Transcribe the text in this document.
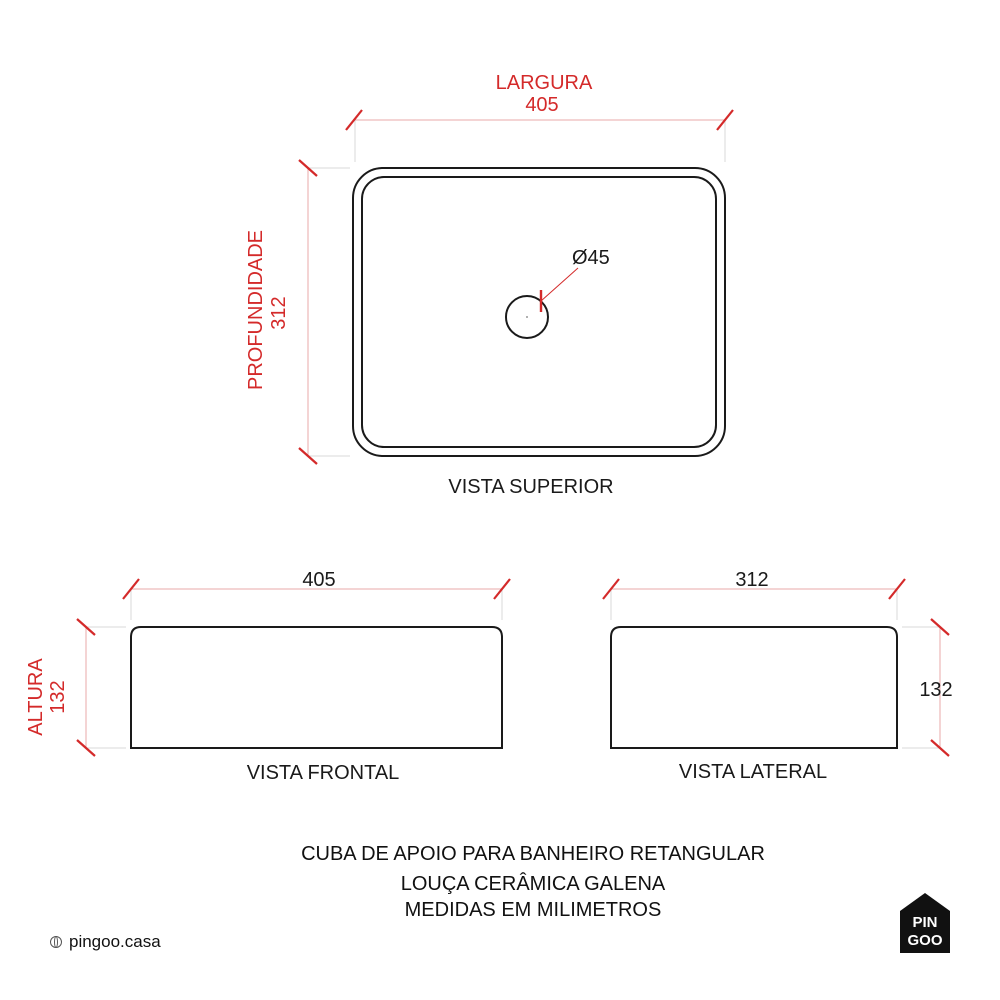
LARGURA
405
PROFUNDIDADE 312
Ø45
VISTA SUPERIOR
405
ALTURA 132
VISTA FRONTAL
312
132
VISTA LATERAL
CUBA DE APOIO PARA BANHEIRO RETANGULAR
LOUÇA CERÂMICA GALENA
MEDIDAS EM MILIMETROS
pingoo.casa
PIN
GOO
